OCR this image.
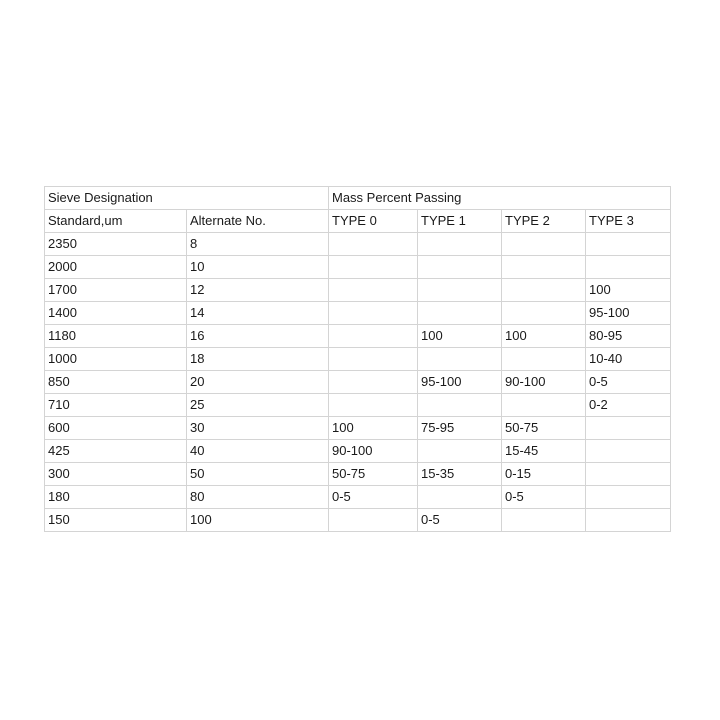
Sieve Designation		Mass Percent Passing			
Standard,um	Alternate No.	TYPE 0	TYPE 1	TYPE 2	TYPE 3
2350	8				
2000	10				
1700	12				100
1400	14				95-100
1180	16		100	100	80-95
1000	18				10-40
850	20		95-100	90-100	0-5
710	25				0-2
600	30	100	75-95	50-75	
425	40	90-100		15-45	
300	50	50-75	15-35	0-15	
180	80	0-5		0-5	
150	100		0-5		
